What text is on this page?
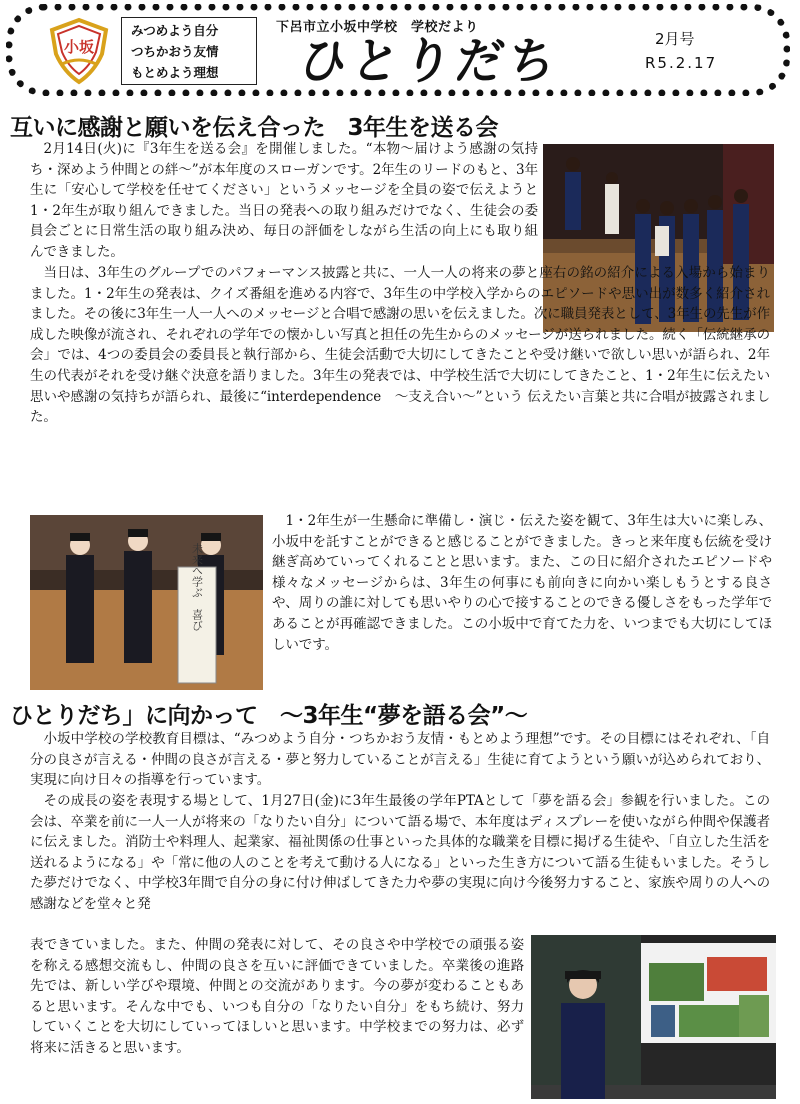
小坂
みつめよう自分
つちかおう友情
もとめよう理想
下呂市立小坂中学校　学校だより
ひとりだち	2月号
R5.2.17
互いに感謝と願いを伝え合った　3年生を送る会
2月14日(火)に『3年生を送る会』を開催しました。“本物～届けよう感謝の気持ち・深めよう仲間との絆～”が本年度のスローガンです。2年生のリードのもと、3年生に「安心して学校を任せてください」というメッセージを全員の姿で伝えようと1・2年生が取り組んできました。当日の発表への取り組みだけでなく、生徒会の委員会ごとに日常生活の取り組み決め、毎日の評価をしながら生活の向上にも取り組んできました。
当日は、3年生のグループでのパフォーマンス披露と共に、一人一人の将来の夢と座右の銘の紹介による入場から始まりました。1・2年生の発表は、クイズ番組を進める内容で、3年生の中学校入学からのエピソードや思い出が数多く紹介されました。その後に3年生一人一人へのメッセージと合唱で感謝の思いを伝えました。次に職員発表として、3年生の先生が作成した映像が流され、それぞれの学年での懐かしい写真と担任の先生からのメッセージが送られました。続く「伝統継承の会」では、4つの委員会の委員長と執行部から、生徒会活動で大切にしてきたことや受け継いで欲しい思いが語られ、2年生の代表がそれを受け継ぐ決意を語りました。3年生の発表では、中学校生活で大切にしてきたこと、1・2年生に伝えたい思いや感謝の気持ちが語られ、最後に“interdependence　～支え合い～”という 伝えたい言葉と共に合唱が披露されました。
未来へ学ぶ　喜び
1・2年生が一生懸命に準備し・演じ・伝えた姿を観て、3年生は大いに楽しみ、小坂中を託すことができると感じることができました。きっと来年度も伝統を受け継ぎ高めていってくれることと思います。また、この日に紹介されたエピソードや様々なメッセージからは、3年生の何事にも前向きに向かい楽しもうとする良さや、周りの誰に対しても思いやりの心で接することのできる優しさをもった学年であることが再確認できました。この小坂中で育てた力を、いつまでも大切にしてほしいです。
ひとりだち」に向かって　～3年生“夢を語る会”～
小坂中学校の学校教育目標は、“みつめよう自分・つちかおう友情・もとめよう理想”です。その目標にはそれぞれ、「自分の良さが言える・仲間の良さが言える・夢と努力していることが言える」生徒に育てようという願いが込められており、実現に向け日々の指導を行っています。
その成長の姿を表現する場として、1月27日(金)に3年生最後の学年PTAとして「夢を語る会」参観を行いました。この会は、卒業を前に一人一人が将来の「なりたい自分」について語る場で、本年度はディスプレーを使いながら仲間や保護者に伝えました。消防士や料理人、起業家、福祉関係の仕事といった具体的な職業を目標に掲げる生徒や、「自立した生活を送れるようになる」や「常に他の人のことを考えて動ける人になる」といった生き方について語る生徒もいました。そうした夢だけでなく、中学校3年間で自分の身に付け伸ばしてきた力や夢の実現に向け今後努力すること、家族や周りの人への感謝などを堂々と発
表できていました。また、仲間の発表に対して、その良さや中学校での頑張る姿を称える感想交流もし、仲間の良さを互いに評価できていました。卒業後の進路先では、新しい学びや環境、仲間との交流があります。今の夢が変わることもあると思います。そんな中でも、いつも自分の「なりたい自分」をもち続け、努力していくことを大切にしていってほしいと思います。中学校までの努力は、必ず将来に活きると思います。
